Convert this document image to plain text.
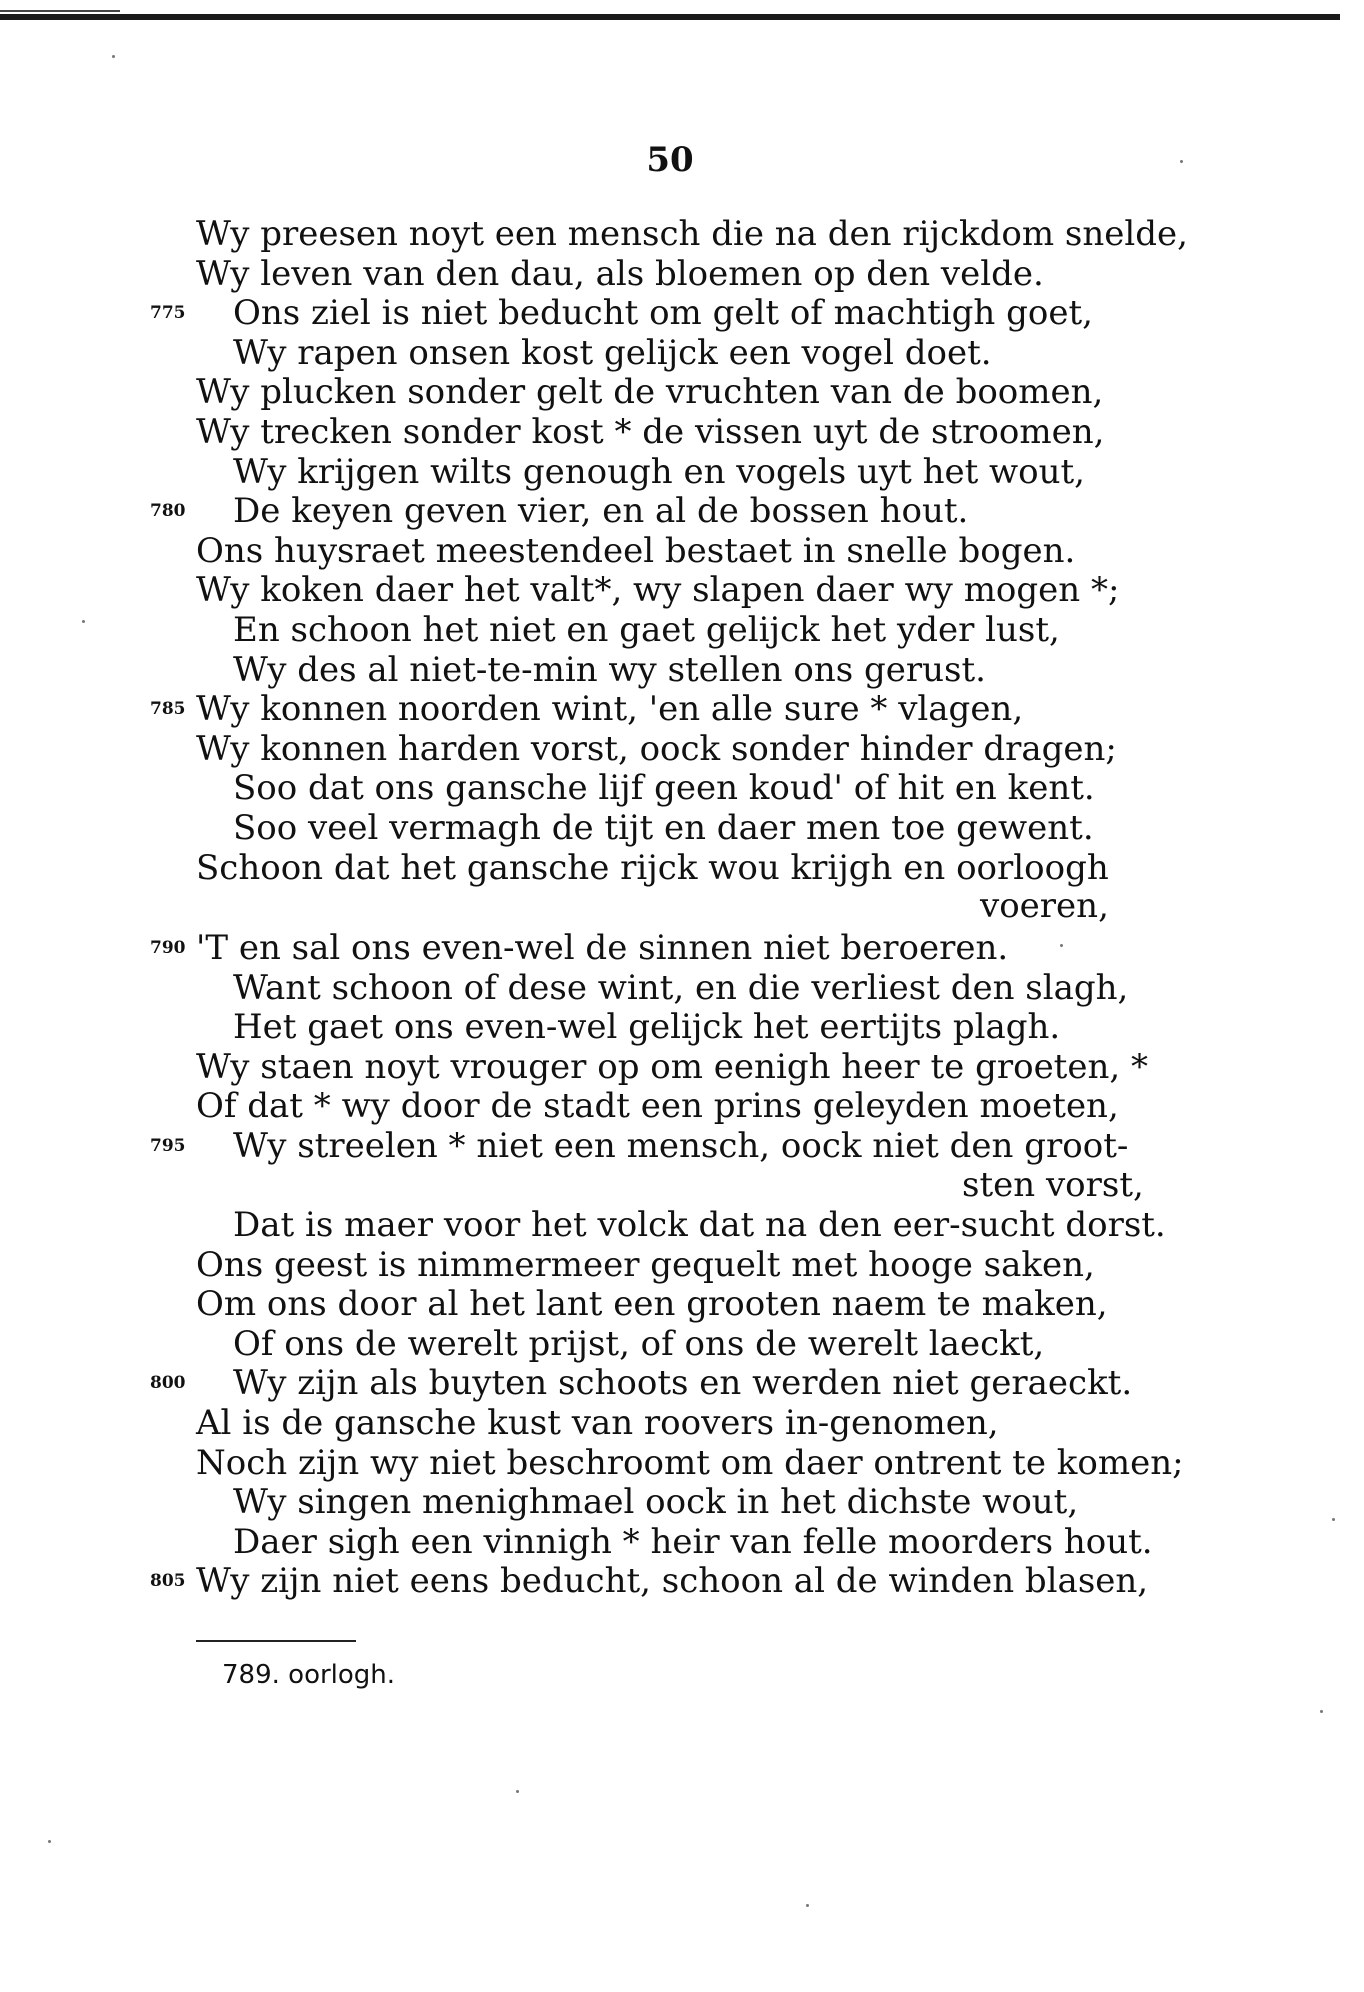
50
Wy preesen noyt een mensch die na den rijckdom snelde,
Wy leven van den dau, als bloemen op den velde.
775 Ons ziel is niet beducht om gelt of machtigh goet,
Wy rapen onsen kost gelijck een vogel doet.
Wy plucken sonder gelt de vruchten van de boomen,
Wy trecken sonder kost * de vissen uyt de stroomen,
Wy krijgen wilts genough en vogels uyt het wout,
780 De keyen geven vier, en al de bossen hout.
Ons huysraet meestendeel bestaet in snelle bogen.
Wy koken daer het valt*, wy slapen daer wy mogen *;
En schoon het niet en gaet gelijck het yder lust,
Wy des al niet-te-min wy stellen ons gerust.
785 Wy konnen noorden wint, 'en alle sure * vlagen,
Wy konnen harden vorst, oock sonder hinder dragen;
Soo dat ons gansche lijf geen koud' of hit en kent.
Soo veel vermagh de tijt en daer men toe gewent.
Schoon dat het gansche rijck wou krijgh en oorloogh
voeren,
790 'T en sal ons even-wel de sinnen niet beroeren.
Want schoon of dese wint, en die verliest den slagh,
Het gaet ons even-wel gelijck het eertijts plagh.
Wy staen noyt vrouger op om eenigh heer te groeten, *
Of dat * wy door de stadt een prins geleyden moeten,
795 Wy streelen * niet een mensch, oock niet den groot-
sten vorst,
Dat is maer voor het volck dat na den eer-sucht dorst.
Ons geest is nimmermeer gequelt met hooge saken,
Om ons door al het lant een grooten naem te maken,
Of ons de werelt prijst, of ons de werelt laeckt,
800 Wy zijn als buyten schoots en werden niet geraeckt.
Al is de gansche kust van roovers in-genomen,
Noch zijn wy niet beschroomt om daer ontrent te komen;
Wy singen menighmael oock in het dichste wout,
Daer sigh een vinnigh * heir van felle moorders hout.
805 Wy zijn niet eens beducht, schoon al de winden blasen,
789. oorlogh.
